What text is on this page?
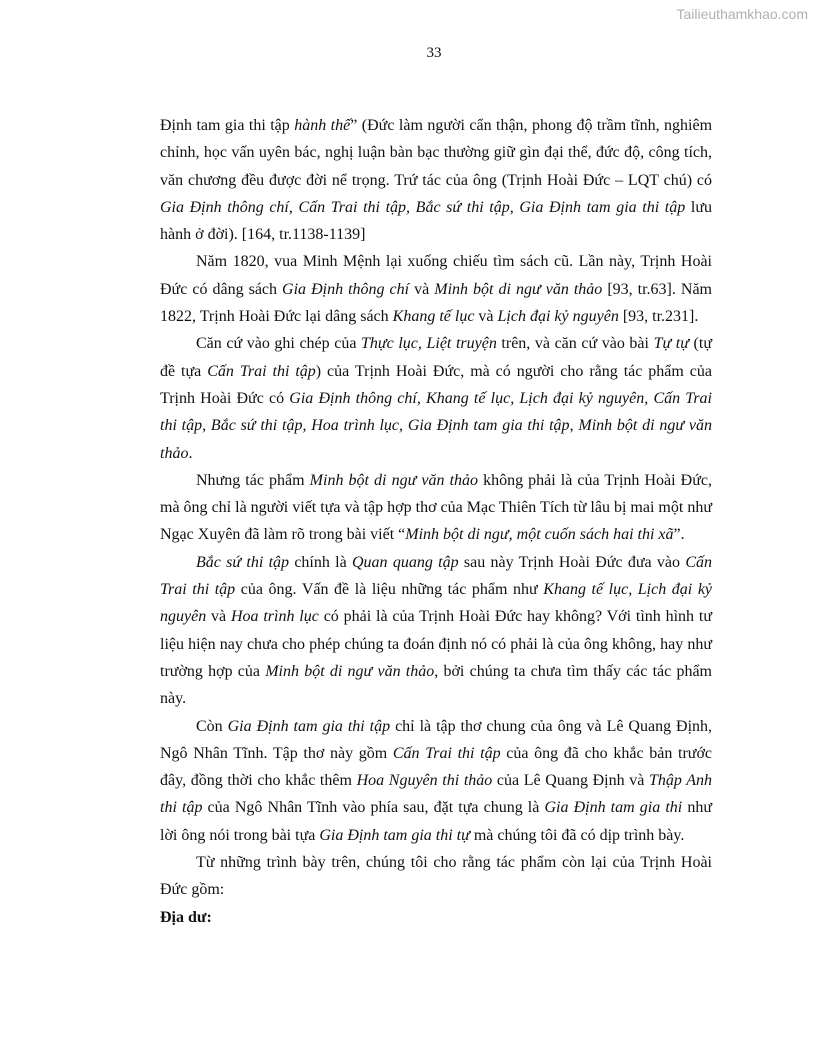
Tailieuthamkhao.com
33

Định tam gia thi tập hành thế” (Đức làm người cẩn thận, phong độ trầm tĩnh, nghiêm chỉnh, học vấn uyên bác, nghị luận bàn bạc thường giữ gìn đại thể, đức độ, công tích, văn chương đều được đời nể trọng. Trứ tác của ông (Trịnh Hoài Đức – LQT chú) có Gia Định thông chí, Cấn Trai thi tập, Bắc sứ thi tập, Gia Định tam gia thi tập lưu hành ở đời). [164, tr.1138-1139]

Năm 1820, vua Minh Mệnh lại xuống chiếu tìm sách cũ. Lần này, Trịnh Hoài Đức có dâng sách Gia Định thông chí và Minh bột di ngư văn thảo [93, tr.63]. Năm 1822, Trịnh Hoài Đức lại dâng sách Khang tế lục và Lịch đại kỷ nguyên [93, tr.231].

Căn cứ vào ghi chép của Thực lục, Liệt truyện trên, và căn cứ vào bài Tự tự (tự đề tựa Cấn Trai thi tập) của Trịnh Hoài Đức, mà có người cho rằng tác phẩm của Trịnh Hoài Đức có Gia Định thông chí, Khang tế lục, Lịch đại kỷ nguyên, Cấn Trai thi tập, Bắc sứ thi tập, Hoa trình lục, Gia Định tam gia thi tập, Minh bột di ngư văn thảo.

Nhưng tác phẩm Minh bột di ngư văn thảo không phải là của Trịnh Hoài Đức, mà ông chỉ là người viết tựa và tập hợp thơ của Mạc Thiên Tích từ lâu bị mai một như Ngạc Xuyên đã làm rõ trong bài viết “Minh bột di ngư, một cuốn sách hai thi xã”.

Bắc sứ thi tập chính là Quan quang tập sau này Trịnh Hoài Đức đưa vào Cấn Trai thi tập của ông. Vấn đề là liệu những tác phẩm như Khang tế lục, Lịch đại kỷ nguyên và Hoa trình lục có phải là của Trịnh Hoài Đức hay không? Với tình hình tư liệu hiện nay chưa cho phép chúng ta đoán định nó có phải là của ông không, hay như trường hợp của Minh bột di ngư văn thảo, bởi chúng ta chưa tìm thấy các tác phẩm này.

Còn Gia Định tam gia thi tập chỉ là tập thơ chung của ông và Lê Quang Định, Ngô Nhân Tĩnh. Tập thơ này gồm Cấn Trai thi tập của ông đã cho khắc bản trước đây, đồng thời cho khắc thêm Hoa Nguyên thi thảo của Lê Quang Định và Thập Anh thi tập của Ngô Nhân Tĩnh vào phía sau, đặt tựa chung là Gia Định tam gia thi như lời ông nói trong bài tựa Gia Định tam gia thi tự mà chúng tôi đã có dịp trình bày.

Từ những trình bày trên, chúng tôi cho rằng tác phẩm còn lại của Trịnh Hoài Đức gồm:

Địa dư:
